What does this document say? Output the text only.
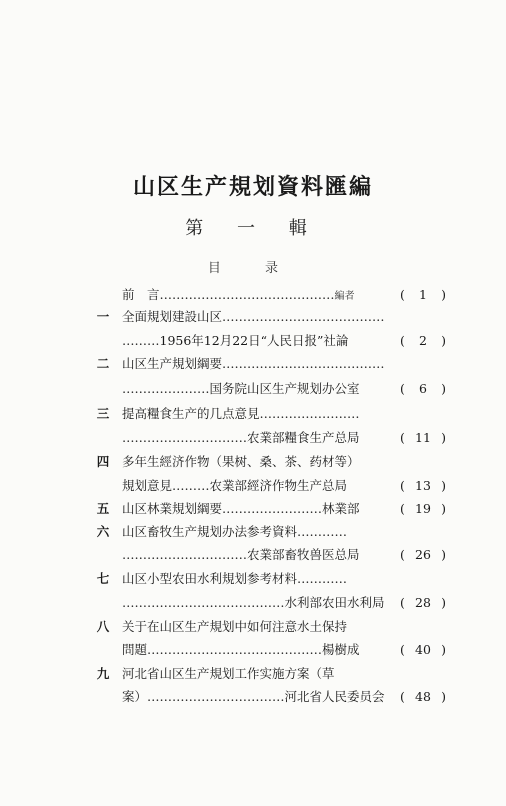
山区生产規划資料匯編
第 一 輯
目 录
前　言……………………………………編者	( 1 )
一	全面規划建設山区…………………………………
………1956年12月22日“人民日报”社論	( 2 )
二	山区生产規划綱要…………………………………
…………………国务院山区生产规划办公室	( 6 )
三	提高糧食生产的几点意見……………………
…………………………农業部糧食生产总局	( 11 )
四	多年生經济作物（果树、桑、茶、药材等）
規划意見………农業部經济作物生产总局	( 13 )
五	山区林業規划綱要……………………林業部	( 19 )
六	山区畜牧生产規划办法参考資料…………
…………………………农業部畜牧兽医总局	( 26 )
七	山区小型农田水利規划参考材料…………
…………………………………水利部农田水利局	( 28 )
八	关于在山区生产規划中如何注意水土保持
問題……………………………………楊樹成	( 40 )
九	河北省山区生产規划工作实施方案（草
案）……………………………河北省人民委员会	( 48 )
